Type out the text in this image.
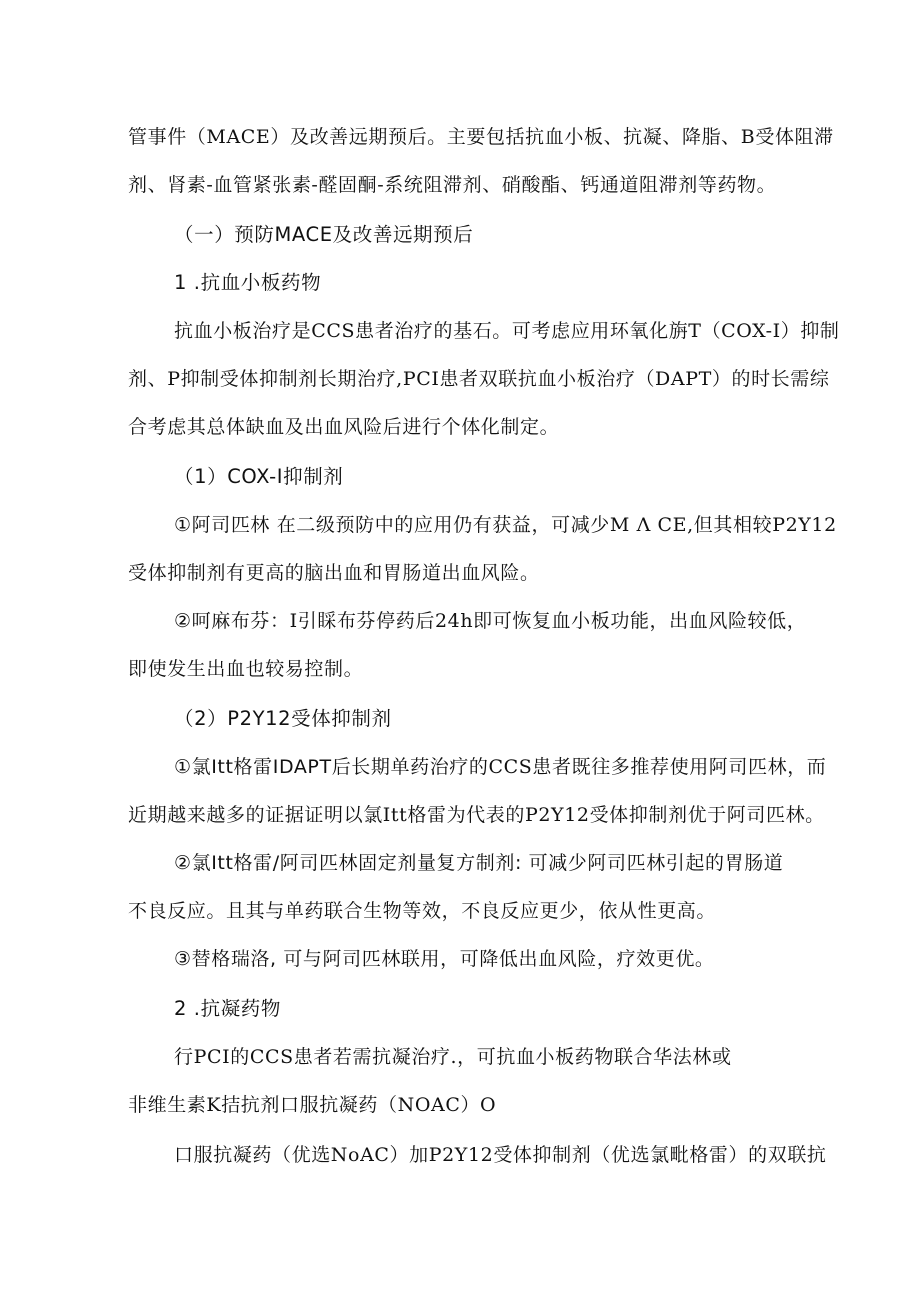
管事件（MACE）及改善远期预后。主要包括抗血小板、抗凝、降脂、B受体阻滞
剂、肾素-血管紧张素-醛固酮-系统阻滞剂、硝酸酯、钙通道阻滞剂等药物。
（一）预防MACE及改善远期预后
1 .抗血小板药物
抗血小板治疗是CCS患者治疗的基石。可考虑应用环氧化旃T（COX-I）抑制
剂、P抑制受体抑制剂长期治疗,PCI患者双联抗血小板治疗（DAPT）的时长需综
合考虑其总体缺血及出血风险后进行个体化制定。
（1）COX-I抑制剂
①阿司匹林 在二级预防中的应用仍有获益，可减少M Λ CE,但其相较P2Y12
受体抑制剂有更高的脑出血和胃肠道出血风险。
②呵麻布芬：I引睬布芬停药后24h即可恢复血小板功能，出血风险较低，
即使发生出血也较易控制。
（2）P2Y12受体抑制剂
①氯Itt格雷IDAPT后长期单药治疗的CCS患者既往多推荐使用阿司匹林，而
近期越来越多的证据证明以氯Itt格雷为代表的P2Y12受体抑制剂优于阿司匹林。
②氯Itt格雷/阿司匹林固定剂量复方制剂: 可减少阿司匹林引起的胃肠道
不良反应。且其与单药联合生物等效，不良反应更少，依从性更高。
③替格瑞洛, 可与阿司匹林联用，可降低出血风险，疗效更优。
2 .抗凝药物
行PCI的CCS患者若需抗凝治疗.，可抗血小板药物联合华法林或
非维生素K拮抗剂口服抗凝药（NOAC）O
口服抗凝药（优选NoAC）加P2Y12受体抑制剂（优选氯毗格雷）的双联抗
